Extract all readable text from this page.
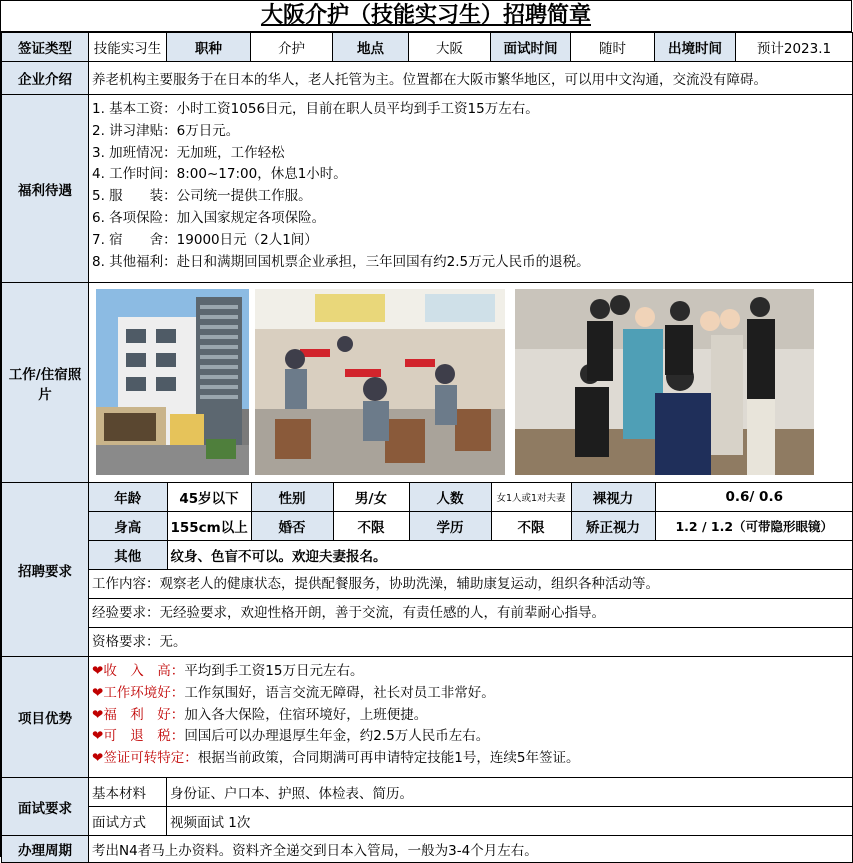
大阪介护（技能实习生）招聘简章
签证类型	技能实习生	职种	介护	地点	大阪	面试时间	随时	出境时间	预计2023.1
企业介绍	养老机构主要服务于在日本的华人，老人托管为主。位置都在大阪市繁华地区，可以用中文沟通，交流没有障碍。
福利待遇	
1. 基本工资：小时工资1056日元，目前在职人员平均到手工资15万左右。
2. 讲习津贴：6万日元。
3. 加班情况：无加班，工作轻松
4. 工作时间：8:00~17:00，休息1小时。
5. 服　　装：公司统一提供工作服。
6. 各项保险：加入国家规定各项保险。
7. 宿　　舍：19000日元（2人1间）
8. 其他福利：赴日和满期回国机票企业承担，三年回国有约2.5万元人民币的退税。

工作/住宿照片	

招聘要求	
年龄	45岁以下	性别	男/女	人数	女1人或1对夫妻	裸视力	0.6/ 0.6
身高	155cm以上	婚否	不限	学历	不限	矫正视力	1.2 / 1.2（可带隐形眼镜）
其他	纹身、色盲不可以。欢迎夫妻报名。
工作内容：观察老人的健康状态，提供配餐服务，协助洗澡，辅助康复运动，组织各种活动等。
经验要求：无经验要求，欢迎性格开朗，善于交流，有责任感的人，有前辈耐心指导。
资格要求：无。

项目优势	
❤收　入　高：平均到手工资15万日元左右。
❤工作环境好：工作氛围好，语言交流无障碍，社长对员工非常好。
❤福　利　好：加入各大保险，住宿环境好，上班便捷。
❤可　退　税：回国后可以办理退厚生年金，约2.5万人民币左右。
❤签证可转特定：根据当前政策，合同期满可再申请特定技能1号，连续5年签证。

面试要求	基本材料	身份证、户口本、护照、体检表、简历。
面试方式	视频面试 1次
办理周期	考出N4者马上办资料。资料齐全递交到日本入管局，一般为3-4个月左右。
